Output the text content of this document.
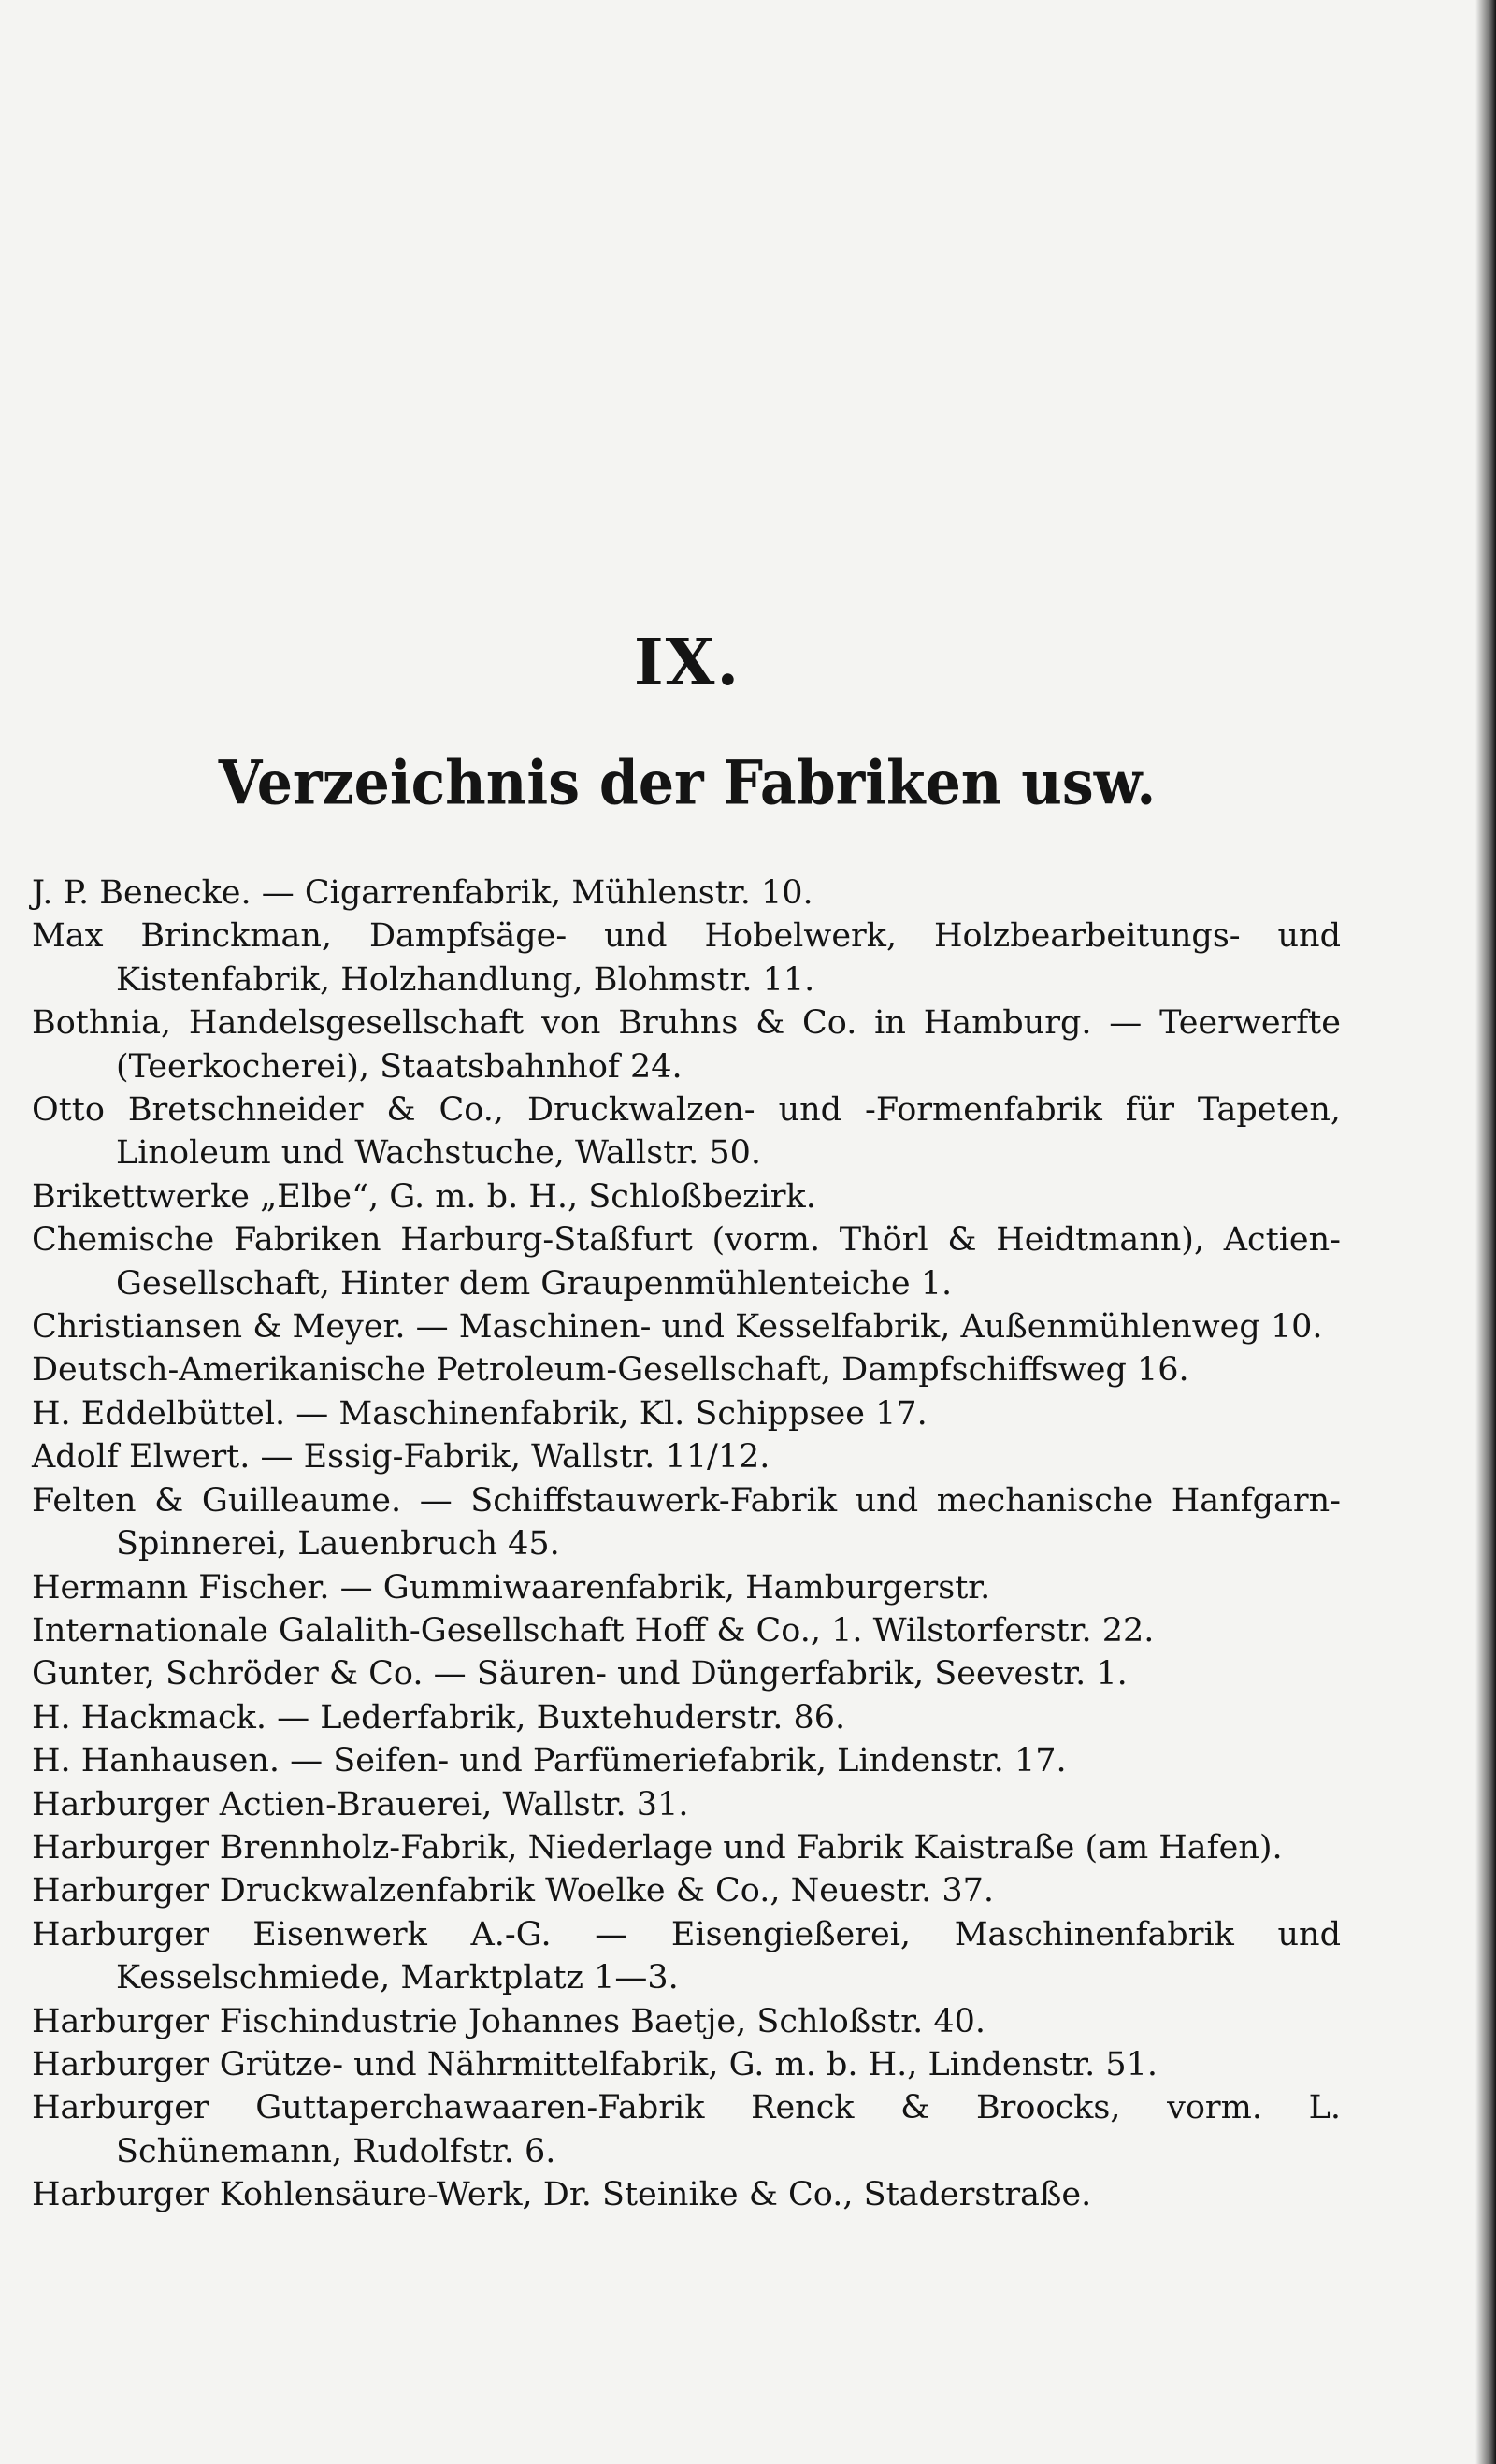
IX.
Verzeichnis der Fabriken usw.
J. P. Benecke. — Cigarrenfabrik, Mühlenstr. 10.
Max Brinckman, Dampfsäge- und Hobelwerk, Holzbearbeitungs- und Kistenfabrik, Holzhandlung, Blohmstr. 11.
Bothnia, Handelsgesellschaft von Bruhns & Co. in Hamburg. — Teerwerfte (Teerkocherei), Staatsbahnhof 24.
Otto Bretschneider & Co., Druckwalzen- und -Formenfabrik für Tapeten, Linoleum und Wachstuche, Wallstr. 50.
Brikettwerke „Elbe“, G. m. b. H., Schloßbezirk.
Chemische Fabriken Harburg-Staßfurt (vorm. Thörl & Heidtmann), Actien-Gesellschaft, Hinter dem Graupenmühlenteiche 1.
Christiansen & Meyer. — Maschinen- und Kesselfabrik, Außenmühlenweg 10.
Deutsch-Amerikanische Petroleum-Gesellschaft, Dampfschiffsweg 16.
H. Eddelbüttel. — Maschinenfabrik, Kl. Schippsee 17.
Adolf Elwert. — Essig-Fabrik, Wallstr. 11/12.
Felten & Guilleaume. — Schiffstauwerk-Fabrik und mechanische Hanfgarn-Spinnerei, Lauenbruch 45.
Hermann Fischer. — Gummiwaarenfabrik, Hamburgerstr.
Internationale Galalith-Gesellschaft Hoff & Co., 1. Wilstorferstr. 22.
Gunter, Schröder & Co. — Säuren- und Düngerfabrik, Seevestr. 1.
H. Hackmack. — Lederfabrik, Buxtehuderstr. 86.
H. Hanhausen. — Seifen- und Parfümeriefabrik, Lindenstr. 17.
Harburger Actien-Brauerei, Wallstr. 31.
Harburger Brennholz-Fabrik, Niederlage und Fabrik Kaistraße (am Hafen).
Harburger Druckwalzenfabrik Woelke & Co., Neuestr. 37.
Harburger Eisenwerk A.-G. — Eisengießerei, Maschinenfabrik und Kesselschmiede, Marktplatz 1—3.
Harburger Fischindustrie Johannes Baetje, Schloßstr. 40.
Harburger Grütze- und Nährmittelfabrik, G. m. b. H., Lindenstr. 51.
Harburger Guttaperchawaaren-Fabrik Renck & Broocks, vorm. L. Schünemann, Rudolfstr. 6.
Harburger Kohlensäure-Werk, Dr. Steinike & Co., Staderstraße.
